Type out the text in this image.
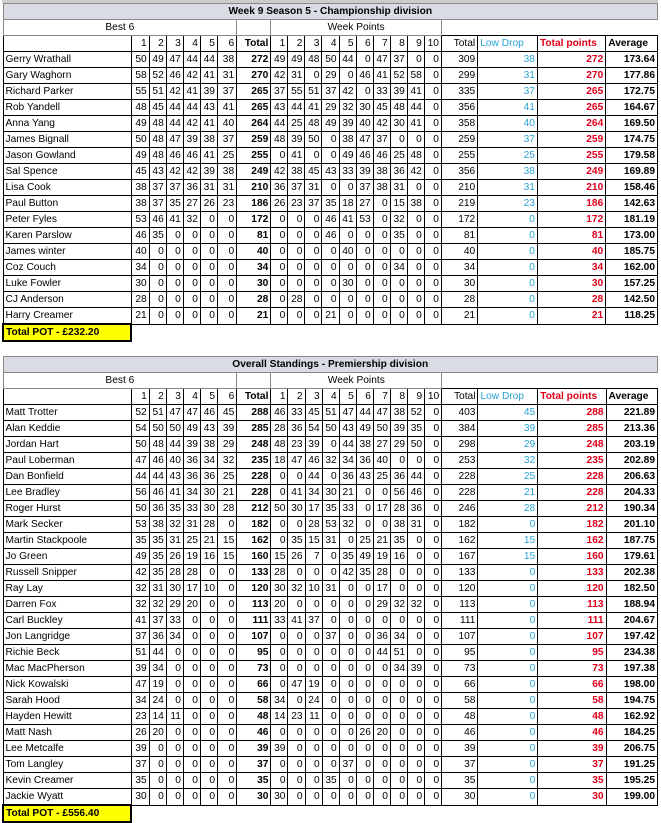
Week 9 Season 5 - Championship division																					
Best 6								Week Points													
	1	2	3	4	5	6	Total	1	2	3	4	5	6	7	8	9	10	Total	Low Drop	Total points	Average
Gerry Wrathall	50	49	47	44	44	38	272	49	49	48	50	44	0	47	37	0	0	309	38	272	173.64
Gary Waghorn	58	52	46	42	41	31	270	42	31	0	29	0	46	41	52	58	0	299	31	270	177.86
Richard Parker	55	51	42	41	39	37	265	37	55	51	37	42	0	33	39	41	0	335	37	265	172.75
Rob Yandell	48	45	44	44	43	41	265	43	44	41	29	32	30	45	48	44	0	356	41	265	164.67
Anna Yang	49	48	44	42	41	40	264	44	25	48	49	39	40	42	30	41	0	358	40	264	169.50
James Bignall	50	48	47	39	38	37	259	48	39	50	0	38	47	37	0	0	0	259	37	259	174.75
Jason Gowland	49	48	46	46	41	25	255	0	41	0	0	49	46	46	25	48	0	255	25	255	179.58
Sal Spence	45	43	42	42	39	38	249	42	38	45	43	33	39	38	36	42	0	356	38	249	169.89
Lisa Cook	38	37	37	36	31	31	210	36	37	31	0	0	37	38	31	0	0	210	31	210	158.46
Paul Button	38	37	35	27	26	23	186	26	23	37	35	18	27	0	15	38	0	219	23	186	142.63
Peter Fyles	53	46	41	32	0	0	172	0	0	0	46	41	53	0	32	0	0	172	0	172	181.19
Karen Parslow	46	35	0	0	0	0	81	0	0	0	46	0	0	0	35	0	0	81	0	81	173.00
James winter	40	0	0	0	0	0	40	0	0	0	0	40	0	0	0	0	0	40	0	40	185.75
Coz Couch	34	0	0	0	0	0	34	0	0	0	0	0	0	0	34	0	0	34	0	34	162.00
Luke Fowler	30	0	0	0	0	0	30	0	0	0	0	30	0	0	0	0	0	30	0	30	157.25
CJ Anderson	28	0	0	0	0	0	28	0	28	0	0	0	0	0	0	0	0	28	0	28	142.50
Harry Creamer	21	0	0	0	0	0	21	0	0	0	21	0	0	0	0	0	0	21	0	21	118.25
Total POT - £232.20																					
Overall Standings - Premiership division																					
Best 6								Week Points													
	1	2	3	4	5	6	Total	1	2	3	4	5	6	7	8	9	10	Total	Low Drop	Total points	Average
Matt Trotter	52	51	47	47	46	45	288	46	33	45	51	47	44	47	38	52	0	403	45	288	221.89
Alan Keddie	54	50	50	49	43	39	285	28	36	54	50	43	49	50	39	35	0	384	39	285	213.36
Jordan Hart	50	48	44	39	38	29	248	48	23	39	0	44	38	27	29	50	0	298	29	248	203.19
Paul Loberman	47	46	40	36	34	32	235	18	47	46	32	34	36	40	0	0	0	253	32	235	202.89
Dan Bonfield	44	44	43	36	36	25	228	0	0	44	0	36	43	25	36	44	0	228	25	228	206.63
Lee Bradley	56	46	41	34	30	21	228	0	41	34	30	21	0	0	56	46	0	228	21	228	204.33
Roger Hurst	50	36	35	33	30	28	212	50	30	17	35	33	0	17	28	36	0	246	28	212	190.34
Mark Secker	53	38	32	31	28	0	182	0	0	28	53	32	0	0	38	31	0	182	0	182	201.10
Martin Stackpoole	35	35	31	25	21	15	162	0	35	15	31	0	25	21	35	0	0	162	15	162	187.75
Jo Green	49	35	26	19	16	15	160	15	26	7	0	35	49	19	16	0	0	167	15	160	179.61
Russell Snipper	42	35	28	28	0	0	133	28	0	0	0	42	35	28	0	0	0	133	0	133	202.38
Ray Lay	32	31	30	17	10	0	120	30	32	10	31	0	0	17	0	0	0	120	0	120	182.50
Darren Fox	32	32	29	20	0	0	113	20	0	0	0	0	0	29	32	32	0	113	0	113	188.94
Carl Buckley	41	37	33	0	0	0	111	33	41	37	0	0	0	0	0	0	0	111	0	111	204.67
Jon Langridge	37	36	34	0	0	0	107	0	0	0	37	0	0	36	34	0	0	107	0	107	197.42
Richie Beck	51	44	0	0	0	0	95	0	0	0	0	0	0	44	51	0	0	95	0	95	234.38
Mac MacPherson	39	34	0	0	0	0	73	0	0	0	0	0	0	0	34	39	0	73	0	73	197.38
Nick Kowalski	47	19	0	0	0	0	66	0	47	19	0	0	0	0	0	0	0	66	0	66	198.00
Sarah Hood	34	24	0	0	0	0	58	34	0	24	0	0	0	0	0	0	0	58	0	58	194.75
Hayden Hewitt	23	14	11	0	0	0	48	14	23	11	0	0	0	0	0	0	0	48	0	48	162.92
Matt Nash	26	20	0	0	0	0	46	0	0	0	0	0	26	20	0	0	0	46	0	46	184.25
Lee Metcalfe	39	0	0	0	0	0	39	39	0	0	0	0	0	0	0	0	0	39	0	39	206.75
Tom Langley	37	0	0	0	0	0	37	0	0	0	0	37	0	0	0	0	0	37	0	37	191.25
Kevin Creamer	35	0	0	0	0	0	35	0	0	0	35	0	0	0	0	0	0	35	0	35	195.25
Jackie Wyatt	30	0	0	0	0	0	30	30	0	0	0	0	0	0	0	0	0	30	0	30	199.00
Total POT - £556.40																					
